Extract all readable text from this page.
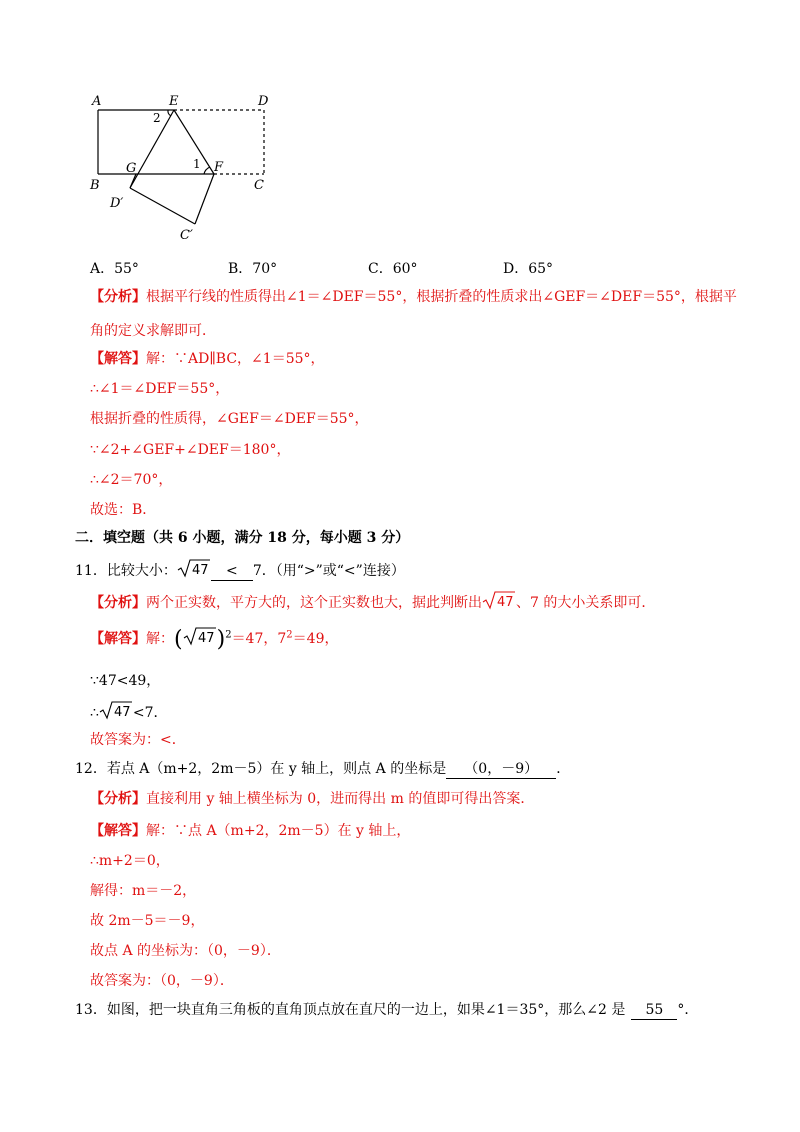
A	E	D
B
G	F
C
D′
C′
1
2
A．55°	B．70°	C．60°	D．65°
【分析】根据平行线的性质得出∠1＝∠DEF＝55°，根据折叠的性质求出∠GEF＝∠DEF＝55°，根据平
角的定义求解即可．
【解答】解：∵AD∥BC，∠1＝55°，
∴∠1＝∠DEF＝55°，
根据折叠的性质得，∠GEF＝∠DEF＝55°，
∵∠2+∠GEF+∠DEF＝180°，
∴∠2＝70°，
故选：B．
二．填空题（共 6 小题，满分 18 分，每小题 3 分）
11．比较大小： 47 < 7．（用“>”或“<”连接）
【分析】两个正实数，平方大的，这个正实数也大，据此判断出 47 、7 的大小关系即可．
【解答】解：( 47 )$^2$＝47，$7^2=49$，
∵47<49，
∴ 47 <7．
故答案为：<．
12．若点 A（m+2，2m－5）在 y 轴上，则点 A 的坐标是 （0，－9） ．
【分析】直接利用 y 轴上横坐标为 0，进而得出 m 的值即可得出答案．
【解答】解：∵点 A（m+2，2m－5）在 y 轴上，
∴m+2＝0，
解得：m＝－2，
故 2m－5＝－9，
故点 A 的坐标为：（0，－9）．
故答案为：（0，－9）．
13．如图，把一块直角三角板的直角顶点放在直尺的一边上，如果∠1＝35°，那么∠2 是 55 °．
